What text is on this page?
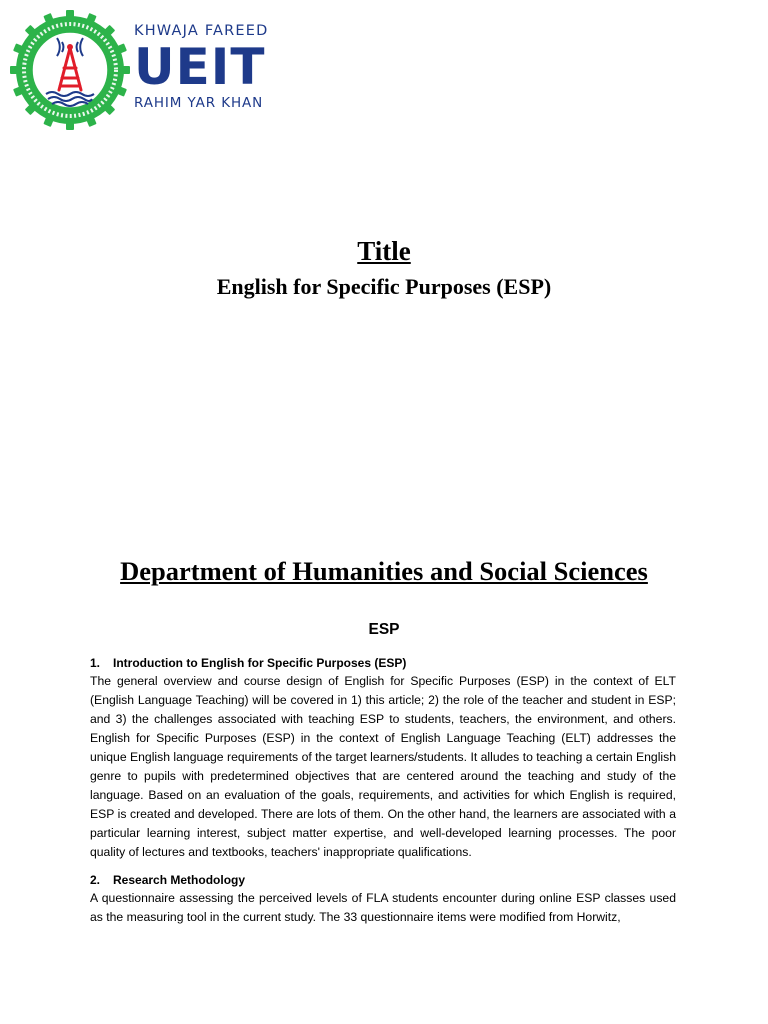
KHWAJA FAREED
UEIT
RAHIM YAR KHAN
Title
English for Specific Purposes (ESP)
Department of Humanities and Social Sciences
ESP
1. Introduction to English for Specific Purposes (ESP)
The general overview and course design of English for Specific Purposes (ESP) in the context of ELT (English Language Teaching) will be covered in 1) this article; 2) the role of the teacher and student in ESP; and 3) the challenges associated with teaching ESP to students, teachers, the environment, and others. English for Specific Purposes (ESP) in the context of English Language Teaching (ELT) addresses the unique English language requirements of the target learners/students. It alludes to teaching a certain English genre to pupils with predetermined objectives that are centered around the teaching and study of the language. Based on an evaluation of the goals, requirements, and activities for which English is required, ESP is created and developed. There are lots of them. On the other hand, the learners are associated with a particular learning interest, subject matter expertise, and well-developed learning processes. The poor quality of lectures and textbooks, teachers' inappropriate qualifications.
2. Research Methodology
A questionnaire assessing the perceived levels of FLA students encounter during online ESP classes used as the measuring tool in the current study. The 33 questionnaire items were modified from Horwitz,
